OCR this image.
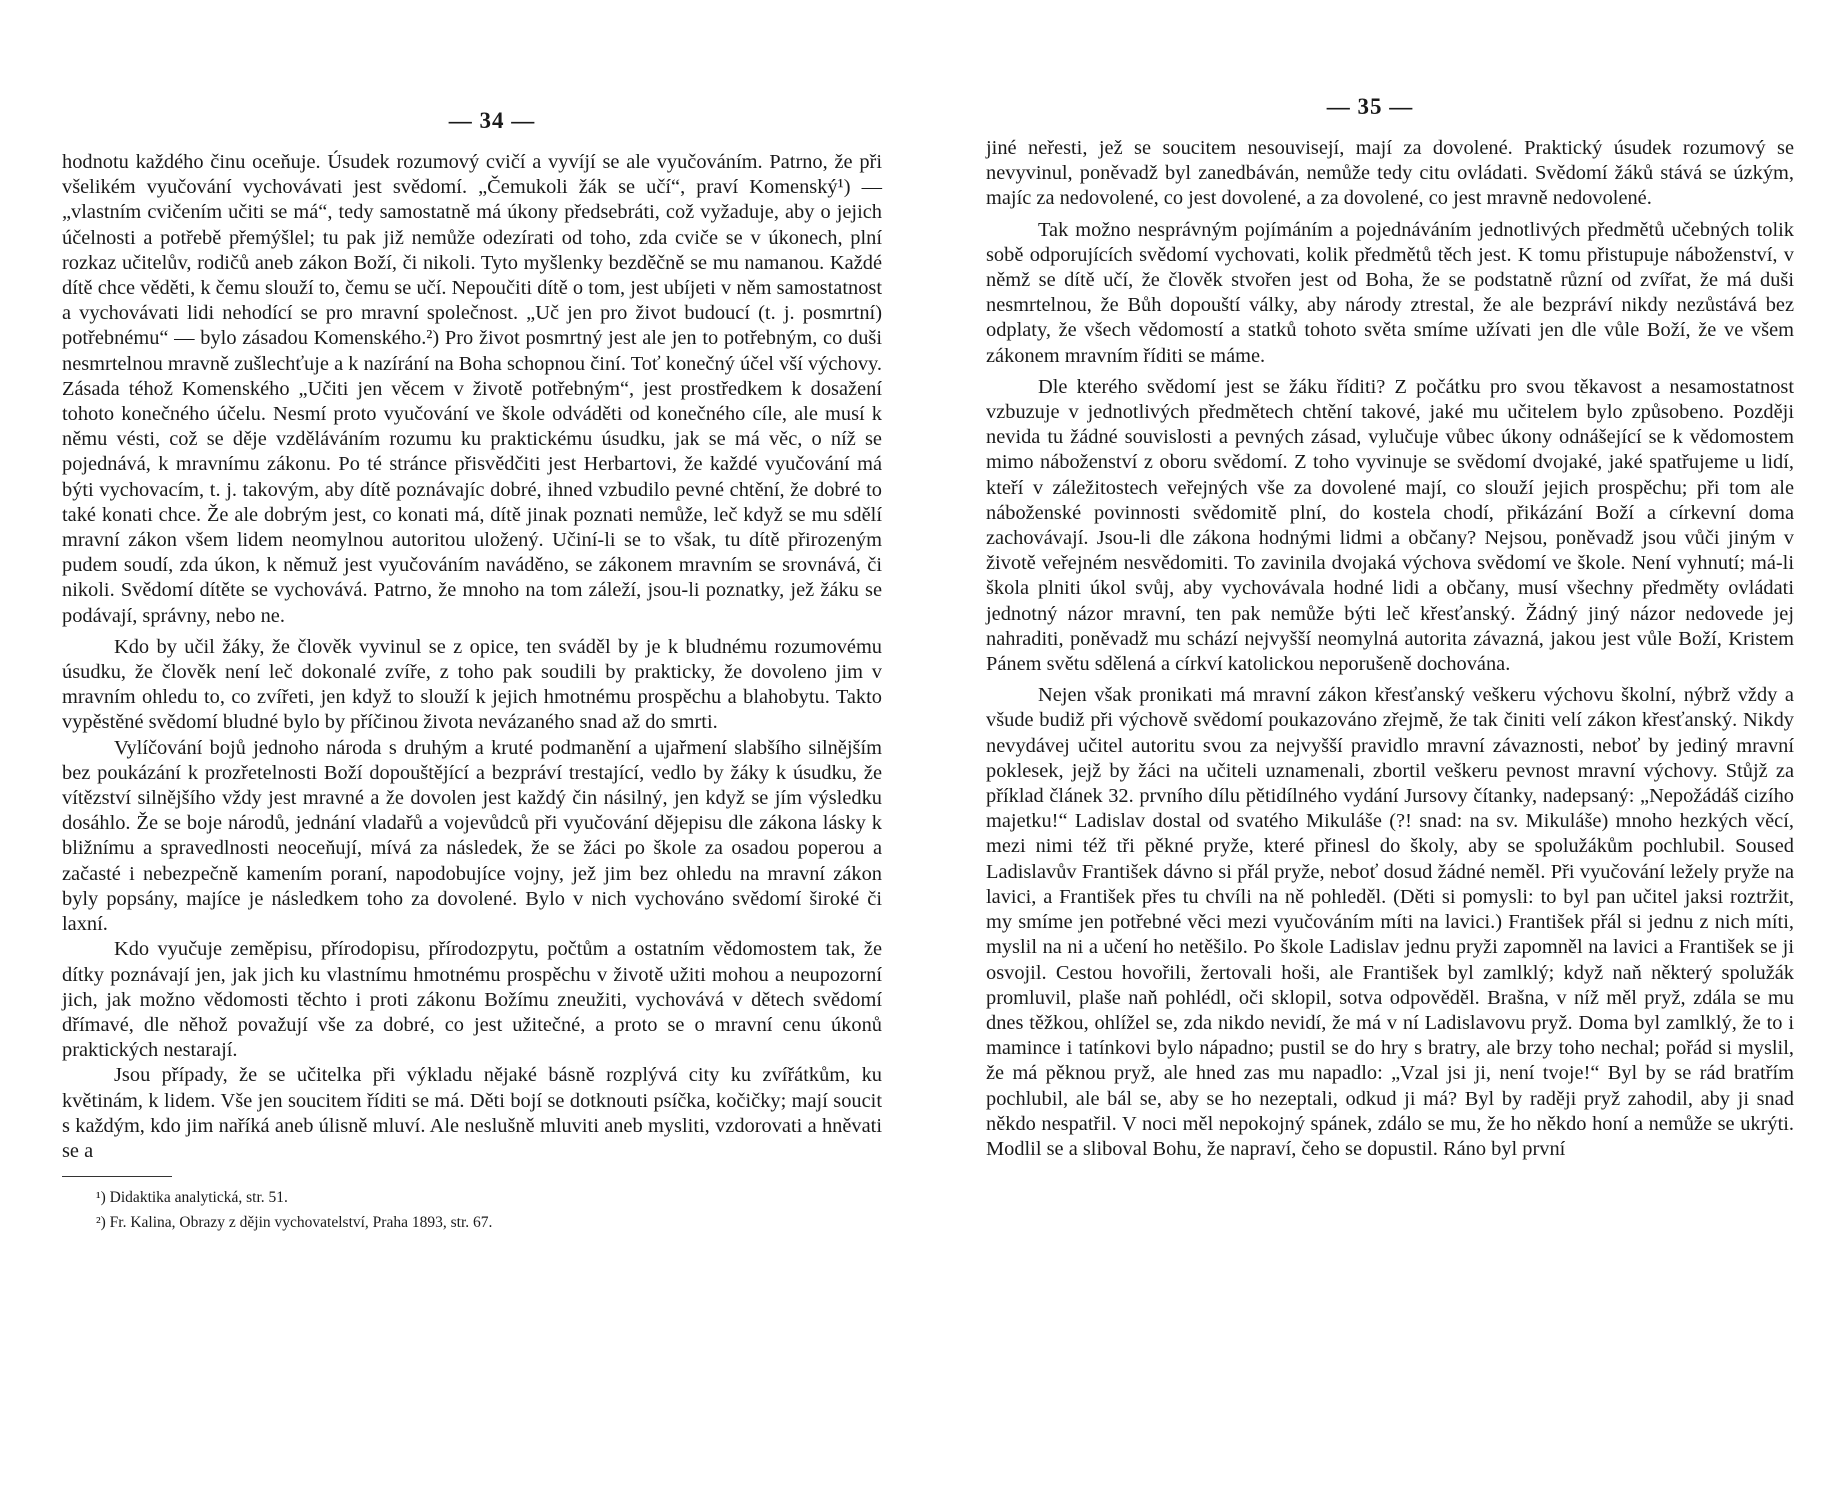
— 34 —

hodnotu každého činu oceňuje. Úsudek rozumový cvičí a vyvíjí se ale vyučováním. Patrno, že při všelikém vyučování vychovávati jest svědomí. „Čemukoli žák se učí“, praví Komenský¹) — „vlastním cvičením učiti se má“, tedy samostatně má úkony předsebráti, což vyžaduje, aby o jejich účelnosti a potřebě přemýšlel; tu pak již nemůže odezírati od toho, zda cviče se v úkonech, plní rozkaz učitelův, rodičů aneb zákon Boží, či nikoli. Tyto myšlenky bezděčně se mu namanou. Každé dítě chce věděti, k čemu slouží to, čemu se učí. Nepoučiti dítě o tom, jest ubíjeti v něm samostatnost a vychovávati lidi nehodící se pro mravní společnost. „Uč jen pro život budoucí (t. j. posmrtní) potřebnému“ — bylo zásadou Komenského.²) Pro život posmrtný jest ale jen to potřebným, co duši nesmrtelnou mravně zušlechťuje a k nazírání na Boha schopnou činí. Toť konečný účel vší výchovy. Zásada téhož Komenského „Učiti jen věcem v životě potřebným“, jest prostředkem k dosažení tohoto konečného účelu. Nesmí proto vyučování ve škole odváděti od konečného cíle, ale musí k němu vésti, což se děje vzděláváním rozumu ku praktickému úsudku, jak se má věc, o níž se pojednává, k mravnímu zákonu. Po té stránce přisvědčiti jest Herbartovi, že každé vyučování má býti vychovacím, t. j. takovým, aby dítě poznávajíc dobré, ihned vzbudilo pevné chtění, že dobré to také konati chce. Že ale dobrým jest, co konati má, dítě jinak poznati nemůže, leč když se mu sdělí mravní zákon všem lidem neomylnou autoritou uložený. Učiní-li se to však, tu dítě přirozeným pudem soudí, zda úkon, k němuž jest vyučováním naváděno, se zákonem mravním se srovnává, či nikoli. Svědomí dítěte se vychovává. Patrno, že mnoho na tom záleží, jsou-li poznatky, jež žáku se podávají, správny, nebo ne.

Kdo by učil žáky, že člověk vyvinul se z opice, ten sváděl by je k bludnému rozumovému úsudku, že člověk není leč dokonalé zvíře, z toho pak soudili by prakticky, že dovoleno jim v mravním ohledu to, co zvířeti, jen když to slouží k jejich hmotnému prospěchu a blahobytu. Takto vypěstěné svědomí bludné bylo by příčinou života nevázaného snad až do smrti.

Vylíčování bojů jednoho národa s druhým a kruté podmanění a ujařmení slabšího silnějším bez poukázání k prozřetelnosti Boží dopouštějící a bezpráví trestající, vedlo by žáky k úsudku, že vítězství silnějšího vždy jest mravné a že dovolen jest každý čin násilný, jen když se jím výsledku dosáhlo. Že se boje národů, jednání vladařů a vojevůdců při vyučování dějepisu dle zákona lásky k bližnímu a spravedlnosti neoceňují, mívá za následek, že se žáci po škole za osadou poperou a začasté i nebezpečně kamením poraní, napodobujíce vojny, jež jim bez ohledu na mravní zákon byly popsány, majíce je následkem toho za dovolené. Bylo v nich vychováno svědomí široké či laxní.

Kdo vyučuje zeměpisu, přírodopisu, přírodozpytu, počtům a ostatním vědomostem tak, že dítky poznávají jen, jak jich ku vlastnímu hmotnému prospěchu v životě užiti mohou a neupozorní jich, jak možno vědomosti těchto i proti zákonu Božímu zneužiti, vychovává v dětech svědomí dřímavé, dle něhož považují vše za dobré, co jest užitečné, a proto se o mravní cenu úkonů praktických nestarají.

Jsou případy, že se učitelka při výkladu nějaké básně rozplývá city ku zvířátkům, ku květinám, k lidem. Vše jen soucitem říditi se má. Děti bojí se dotknouti psíčka, kočičky; mají soucit s každým, kdo jim naříká aneb úlisně mluví. Ale neslušně mluviti aneb mysliti, vzdorovati a hněvati se a

¹) Didaktika analytická, str. 51.

²) Fr. Kalina, Obrazy z dějin vychovatelství, Praha 1893, str. 67.

— 35 —

jiné neřesti, jež se soucitem nesouvisejí, mají za dovolené. Praktický úsudek rozumový se nevyvinul, poněvadž byl zanedbáván, nemůže tedy citu ovládati. Svědomí žáků stává se úzkým, majíc za nedovolené, co jest dovolené, a za dovolené, co jest mravně nedovolené.

Tak možno nesprávným pojímáním a pojednáváním jednotlivých předmětů učebných tolik sobě odporujících svědomí vychovati, kolik předmětů těch jest. K tomu přistupuje náboženství, v němž se dítě učí, že člověk stvořen jest od Boha, že se podstatně různí od zvířat, že má duši nesmrtelnou, že Bůh dopouští války, aby národy ztrestal, že ale bezpráví nikdy nezůstává bez odplaty, že všech vědomostí a statků tohoto světa smíme užívati jen dle vůle Boží, že ve všem zákonem mravním říditi se máme.

Dle kterého svědomí jest se žáku říditi? Z počátku pro svou těkavost a nesamostatnost vzbuzuje v jednotlivých předmětech chtění takové, jaké mu učitelem bylo způsobeno. Později nevida tu žádné souvislosti a pevných zásad, vylučuje vůbec úkony odnášející se k vědomostem mimo náboženství z oboru svědomí. Z toho vyvinuje se svědomí dvojaké, jaké spatřujeme u lidí, kteří v záležitostech veřejných vše za dovolené mají, co slouží jejich prospěchu; při tom ale náboženské povinnosti svědomitě plní, do kostela chodí, přikázání Boží a církevní doma zachovávají. Jsou-li dle zákona hodnými lidmi a občany? Nejsou, poněvadž jsou vůči jiným v životě veřejném nesvědomiti. To zavinila dvojaká výchova svědomí ve škole. Není vyhnutí; má-li škola plniti úkol svůj, aby vychovávala hodné lidi a občany, musí všechny předměty ovládati jednotný názor mravní, ten pak nemůže býti leč křesťanský. Žádný jiný názor nedovede jej nahraditi, poněvadž mu schází nejvyšší neomylná autorita závazná, jakou jest vůle Boží, Kristem Pánem světu sdělená a církví katolickou neporušeně dochována.

Nejen však pronikati má mravní zákon křesťanský veškeru výchovu školní, nýbrž vždy a všude budiž při výchově svědomí poukazováno zřejmě, že tak činiti velí zákon křesťanský. Nikdy nevydávej učitel autoritu svou za nejvyšší pravidlo mravní závaznosti, neboť by jediný mravní poklesek, jejž by žáci na učiteli uznamenali, zbortil veškeru pevnost mravní výchovy. Stůjž za příklad článek 32. prvního dílu pětidílného vydání Jursovy čítanky, nadepsaný: „Nepožádáš cizího majetku!“ Ladislav dostal od svatého Mikuláše (?! snad: na sv. Mikuláše) mnoho hezkých věcí, mezi nimi též tři pěkné pryže, které přinesl do školy, aby se spolužákům pochlubil. Soused Ladislavův František dávno si přál pryže, neboť dosud žádné neměl. Při vyučování ležely pryže na lavici, a František přes tu chvíli na ně pohleděl. (Děti si pomysli: to byl pan učitel jaksi roztržit, my smíme jen potřebné věci mezi vyučováním míti na lavici.) František přál si jednu z nich míti, myslil na ni a učení ho netěšilo. Po škole Ladislav jednu pryži zapomněl na lavici a František se ji osvojil. Cestou hovořili, žertovali hoši, ale František byl zamlklý; když naň některý spolužák promluvil, plaše naň pohlédl, oči sklopil, sotva odpověděl. Brašna, v níž měl pryž, zdála se mu dnes těžkou, ohlížel se, zda nikdo nevidí, že má v ní Ladislavovu pryž. Doma byl zamlklý, že to i mamince i tatínkovi bylo nápadno; pustil se do hry s bratry, ale brzy toho nechal; pořád si myslil, že má pěknou pryž, ale hned zas mu napadlo: „Vzal jsi ji, není tvoje!“ Byl by se rád bratřím pochlubil, ale bál se, aby se ho nezeptali, odkud ji má? Byl by raději pryž zahodil, aby ji snad někdo nespatřil. V noci měl nepokojný spánek, zdálo se mu, že ho někdo honí a nemůže se ukrýti. Modlil se a sliboval Bohu, že napraví, čeho se dopustil. Ráno byl první
